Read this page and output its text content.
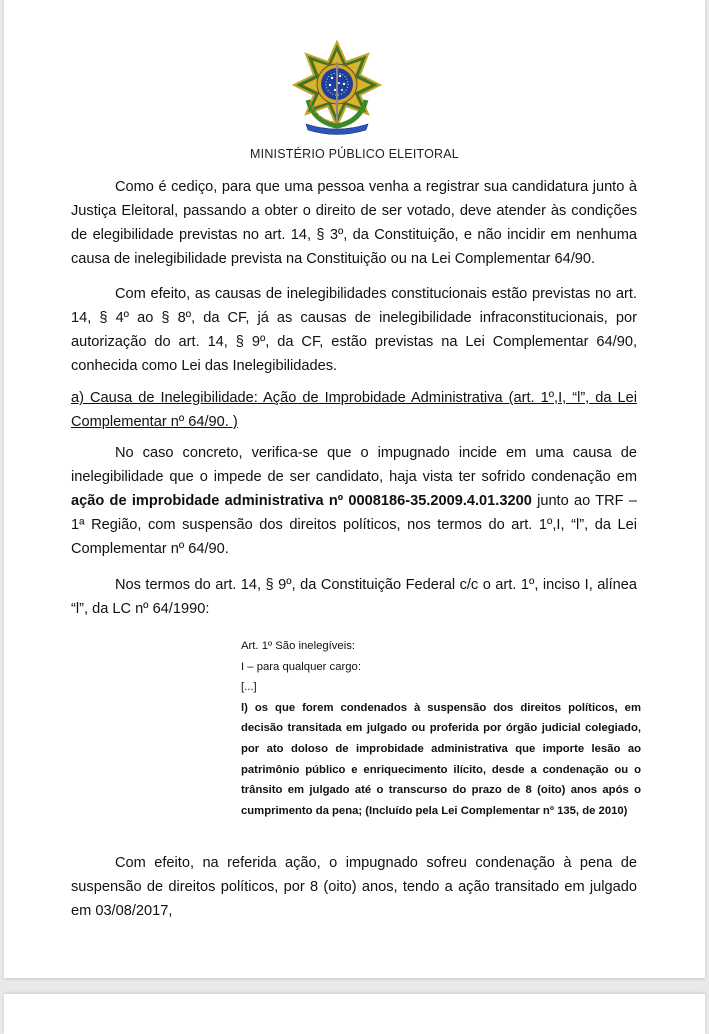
MINISTÉRIO PÚBLICO ELEITORAL

Como é cediço, para que uma pessoa venha a registrar sua candidatura junto à Justiça Eleitoral, passando a obter o direito de ser votado, deve atender às condições de elegibilidade previstas no art. 14, § 3º, da Constituição, e não incidir em nenhuma causa de inelegibilidade prevista na Constituição ou na Lei Complementar 64/90.

Com efeito, as causas de inelegibilidades constitucionais estão previstas no art. 14, § 4º ao § 8º, da CF, já as causas de inelegibilidade infraconstitucionais, por autorização do art. 14, § 9º, da CF, estão previstas na Lei Complementar 64/90, conhecida como Lei das Inelegibilidades.

a) Causa de Inelegibilidade: Ação de Improbidade Administrativa (art. 1º,I, “l”, da Lei Complementar nº 64/90. )

No caso concreto, verifica-se que o impugnado incide em uma causa de inelegibilidade que o impede de ser candidato, haja vista ter sofrido condenação em ação de improbidade administrativa nº 0008186-35.2009.4.01.3200 junto ao TRF – 1ª Região, com suspensão dos direitos políticos, nos termos do art. 1º,I, “l”, da Lei Complementar nº 64/90.

Nos termos do art. 14, § 9º, da Constituição Federal c/c o art. 1º, inciso I, alínea “l”, da LC nº 64/1990:

Art. 1º São inelegíveis:
I – para qualquer cargo:
[...]
l) os que forem condenados à suspensão dos direitos políticos, em decisão transitada em julgado ou proferida por órgão judicial colegiado, por ato doloso de improbidade administrativa que importe lesão ao patrimônio público e enriquecimento ilícito, desde a condenação ou o trânsito em julgado até o transcurso do prazo de 8 (oito) anos após o cumprimento da pena; (Incluído pela Lei Complementar nº 135, de 2010)

Com efeito, na referida ação, o impugnado sofreu condenação à pena de suspensão de direitos políticos, por 8 (oito) anos, tendo a ação transitado em julgado em 03/08/2017,
